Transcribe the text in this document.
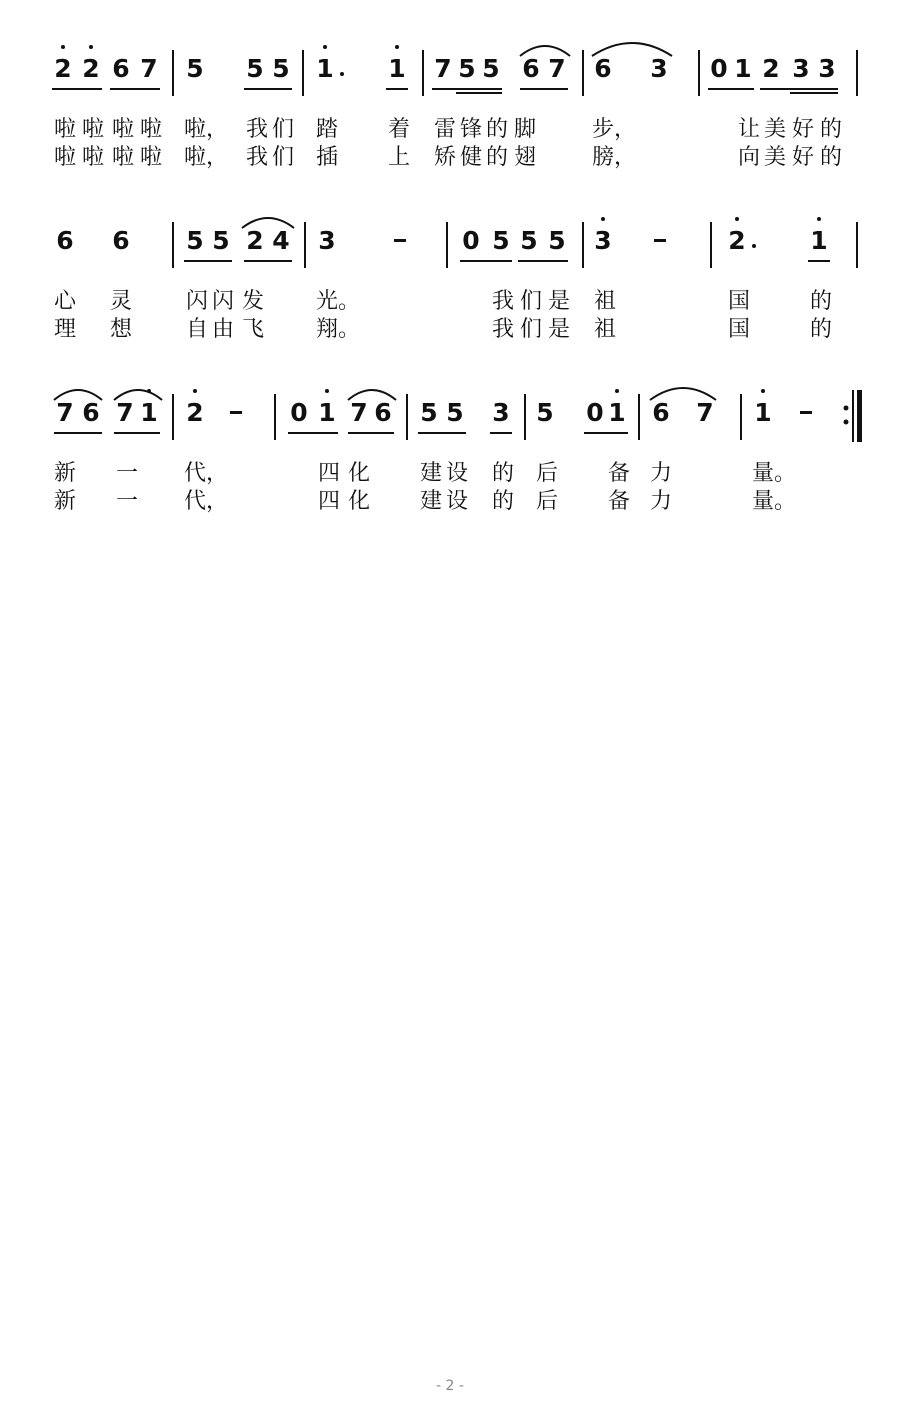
2 2 6 7 5 5 5 1 1 7 5 5 6 7 6 3 0 1 2 3 3
啦 啦 啦 啦 啦， 我 们 踏 着 雷 锋 的 脚	步，	让 美 好 的
啦 啦 啦 啦 啦， 我 们 插 上 矫 健 的 翅	膀，	向 美 好 的
6 6 5 5 2 4 3	0 5 5 5 3	2	1
心 灵 闪 闪 发 光。	我 们 是 祖	国	的
理 想 自 由 飞 翔。	我 们 是 祖	国	的
7 6 7 1 2	0 1 7 6 5 5 3 5 0 1 6 7 1
新 一 代，	四 化 建 设 的 后 备 力	量。
新 一 代，	四 化 建 设 的 后 备 力	量。
- 2 -
